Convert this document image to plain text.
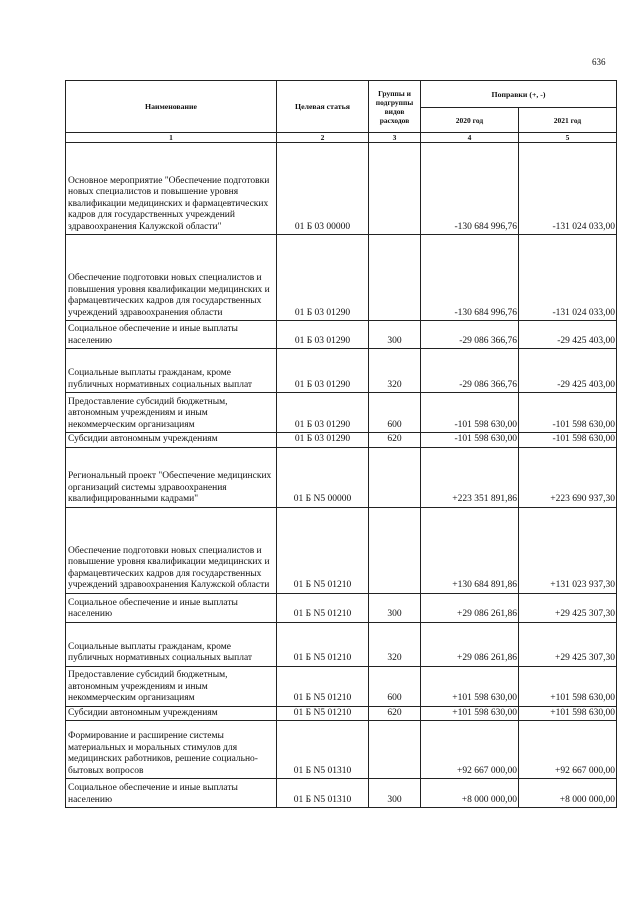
636
Наименование	Целевая статья	Группы и подгруппы видов расходов	Поправки (+, -)	
			2020 год	2021 год
1	2	3	4	5
Основное мероприятие "Обеспечение подготовки новых специалистов и повышение уровня квалификации медицинских и фармацевтических кадров для государственных учреждений здравоохранения Калужской области"	01 Б 03 00000		-130 684 996,76	-131 024 033,00
Обеспечение подготовки новых специалистов и повышения уровня квалификации медицинских и фармацевтических кадров для государственных учреждений здравоохранения области	01 Б 03 01290		-130 684 996,76	-131 024 033,00
Социальное обеспечение и иные выплаты населению	01 Б 03 01290	300	-29 086 366,76	-29 425 403,00
Социальные выплаты гражданам, кроме публичных нормативных социальных выплат	01 Б 03 01290	320	-29 086 366,76	-29 425 403,00
Предоставление субсидий бюджетным, автономным учреждениям и иным некоммерческим организациям	01 Б 03 01290	600	-101 598 630,00	-101 598 630,00
Субсидии автономным учреждениям	01 Б 03 01290	620	-101 598 630,00	-101 598 630,00
Региональный проект "Обеспечение медицинских организаций системы здравоохранения квалифицированными кадрами"	01 Б N5 00000		+223 351 891,86	+223 690 937,30
Обеспечение подготовки новых специалистов и повышение уровня квалификации медицинских и фармацевтических кадров для государственных учреждений здравоохранения Калужской области	01 Б N5 01210		+130 684 891,86	+131 023 937,30
Социальное обеспечение и иные выплаты населению	01 Б N5 01210	300	+29 086 261,86	+29 425 307,30
Социальные выплаты гражданам, кроме публичных нормативных социальных выплат	01 Б N5 01210	320	+29 086 261,86	+29 425 307,30
Предоставление субсидий бюджетным, автономным учреждениям и иным некоммерческим организациям	01 Б N5 01210	600	+101 598 630,00	+101 598 630,00
Субсидии автономным учреждениям	01 Б N5 01210	620	+101 598 630,00	+101 598 630,00
Формирование и расширение системы материальных и моральных стимулов для медицинских работников, решение социально-бытовых вопросов	01 Б N5 01310		+92 667 000,00	+92 667 000,00
Социальное обеспечение и иные выплаты населению	01 Б N5 01310	300	+8 000 000,00	+8 000 000,00
